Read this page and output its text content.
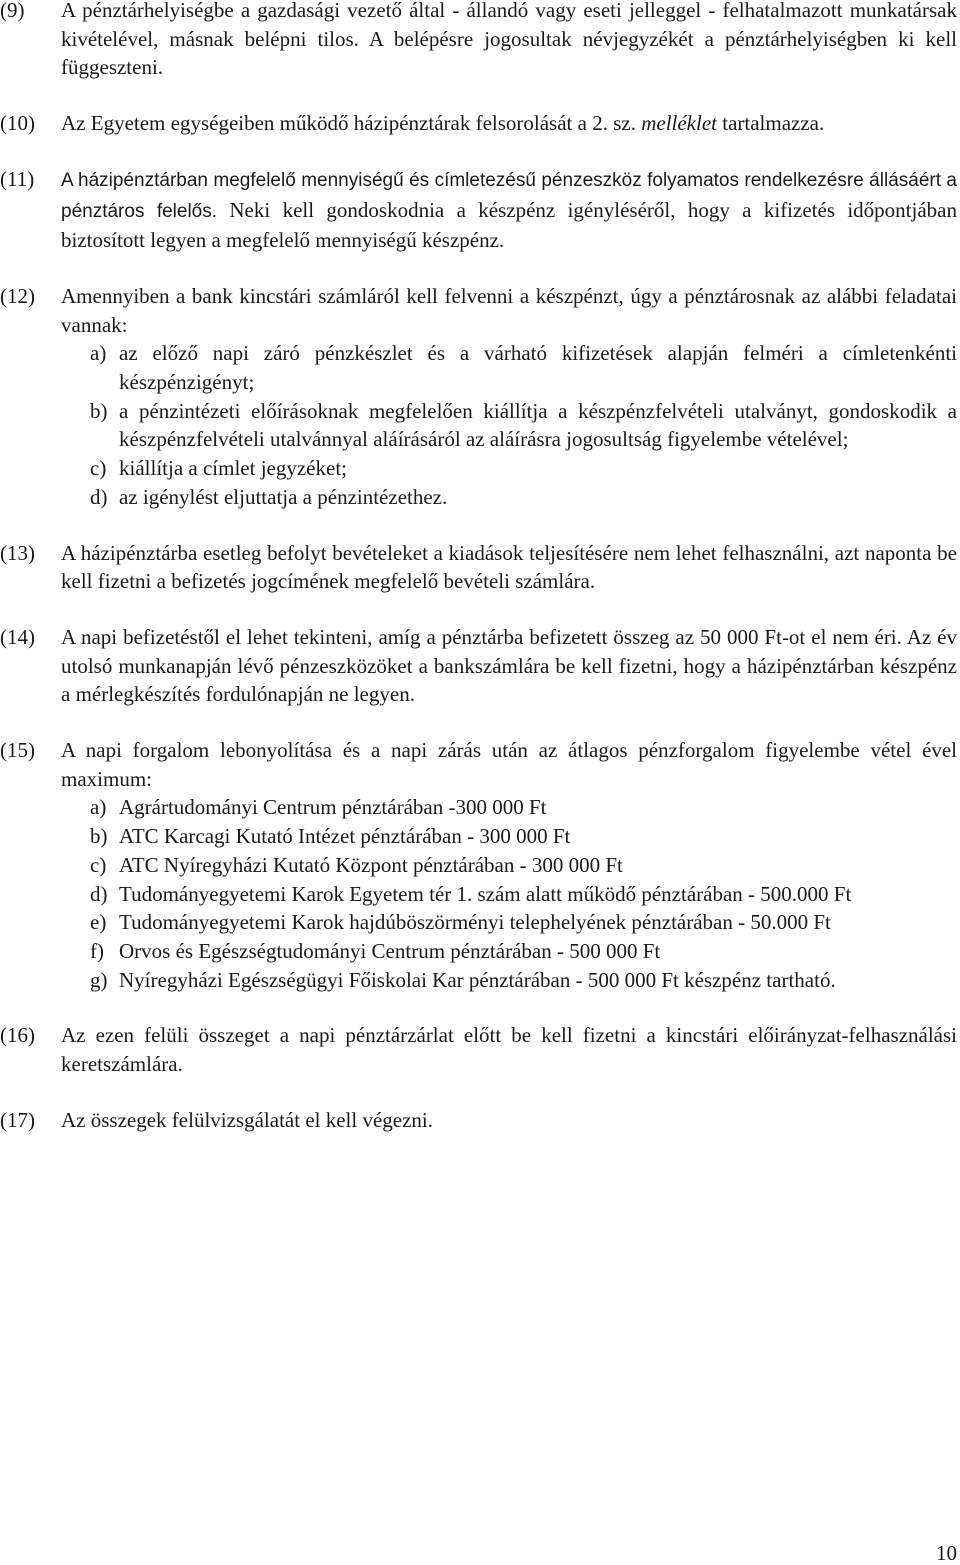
(9) A pénztárhelyiségbe a gazdasági vezető által - állandó vagy eseti jelleggel - felhatalmazott munkatársak kivételével, másnak belépni tilos. A belépésre jogosultak névjegyzékét a pénztárhelyiségben ki kell függeszteni.
(10) Az Egyetem egységeiben működő házipénztárak felsorolását a 2. sz. melléklet tartalmazza.
(11) A házipénztárban megfelelő mennyiségű és címletezésű pénzeszköz folyamatos rendelkezésre állásáért a pénztáros felelős. Neki kell gondoskodnia a készpénz igényléséről, hogy a kifizetés időpontjában biztosított legyen a megfelelő mennyiségű készpénz.
(12) Amennyiben a bank kincstári számláról kell felvenni a készpénzt, úgy a pénztárosnak az alábbi feladatai vannak:
a) az előző napi záró pénzkészlet és a várható kifizetések alapján felméri a címletenkénti készpénzigényt;
b) a pénzintézeti előírásoknak megfelelően kiállítja a készpénzfelvételi utalványt, gondoskodik a készpénzfelvételi utalvánnyal aláírásáról az aláírásra jogosultság figyelembe vételével;
c) kiállítja a címlet jegyzéket;
d) az igénylést eljuttatja a pénzintézethez.
(13) A házipénztárba esetleg befolyt bevételeket a kiadások teljesítésére nem lehet felhasználni, azt naponta be kell fizetni a befizetés jogcímének megfelelő bevételi számlára.
(14) A napi befizetéstől el lehet tekinteni, amíg a pénztárba befizetett összeg az 50 000 Ft-ot el nem éri. Az év utolsó munkanapján lévő pénzeszközöket a bankszámlára be kell fizetni, hogy a házipénztárban készpénz a mérlegkészítés fordulónapján ne legyen.
(15) A napi forgalom lebonyolítása és a napi zárás után az átlagos pénzforgalom figyelembe vétel ével maximum:
a) Agrártudományi Centrum pénztárában -300 000 Ft
b) ATC Karcagi Kutató Intézet pénztárában - 300 000 Ft
c) ATC Nyíregyházi Kutató Központ pénztárában - 300 000 Ft
d) Tudományegyetemi Karok Egyetem tér 1. szám alatt működő pénztárában - 500.000 Ft
e) Tudományegyetemi Karok hajdúböszörményi telephelyének pénztárában - 50.000 Ft
f) Orvos és Egészségtudományi Centrum pénztárában - 500 000 Ft
g) Nyíregyházi Egészségügyi Főiskolai Kar pénztárában - 500 000 Ft készpénz tartható.
(16) Az ezen felüli összeget a napi pénztárzárlat előtt be kell fizetni a kincstári előirányzat-felhasználási keretszámlára.
(17) Az összegek felülvizsgálatát el kell végezni.
10
